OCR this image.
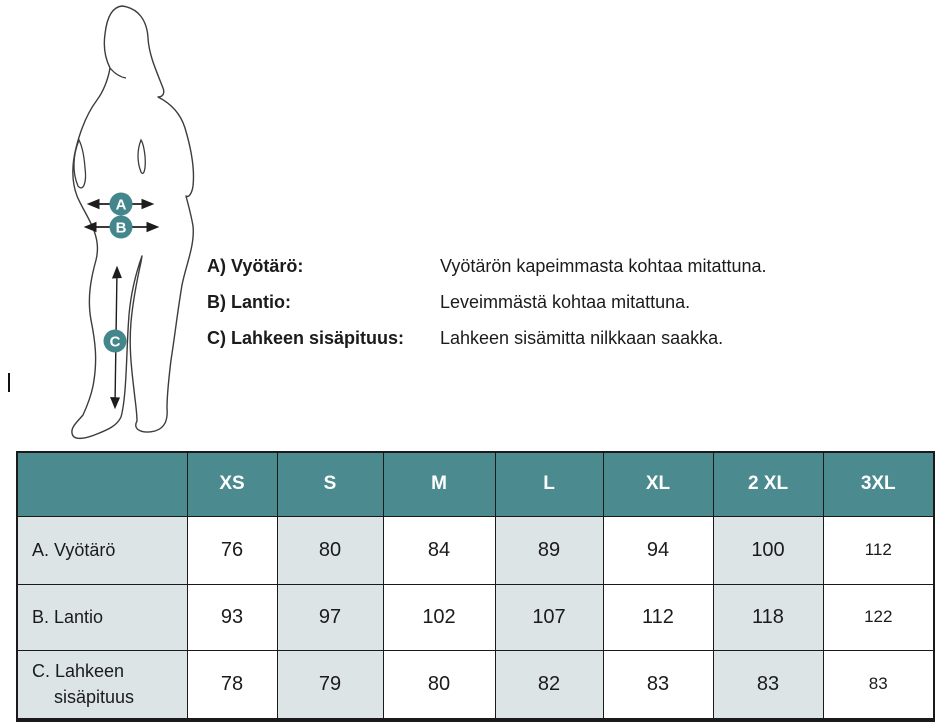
A
B
C
A) Vyötärö:	Vyötärön kapeimmasta kohtaa mitattuna.
B) Lantio:	Leveimmästä kohtaa mitattuna.
C) Lahkeen sisäpituus:	Lahkeen sisämitta nilkkaan saakka.
	XS	S	M	L	XL	2 XL	3XL
A. Vyötärö	76	80	84	89	94	100	112
B. Lantio	93	97	102	107	112	118	122
C. Lahkeen sisäpituus	78	79	80	82	83	83	83
